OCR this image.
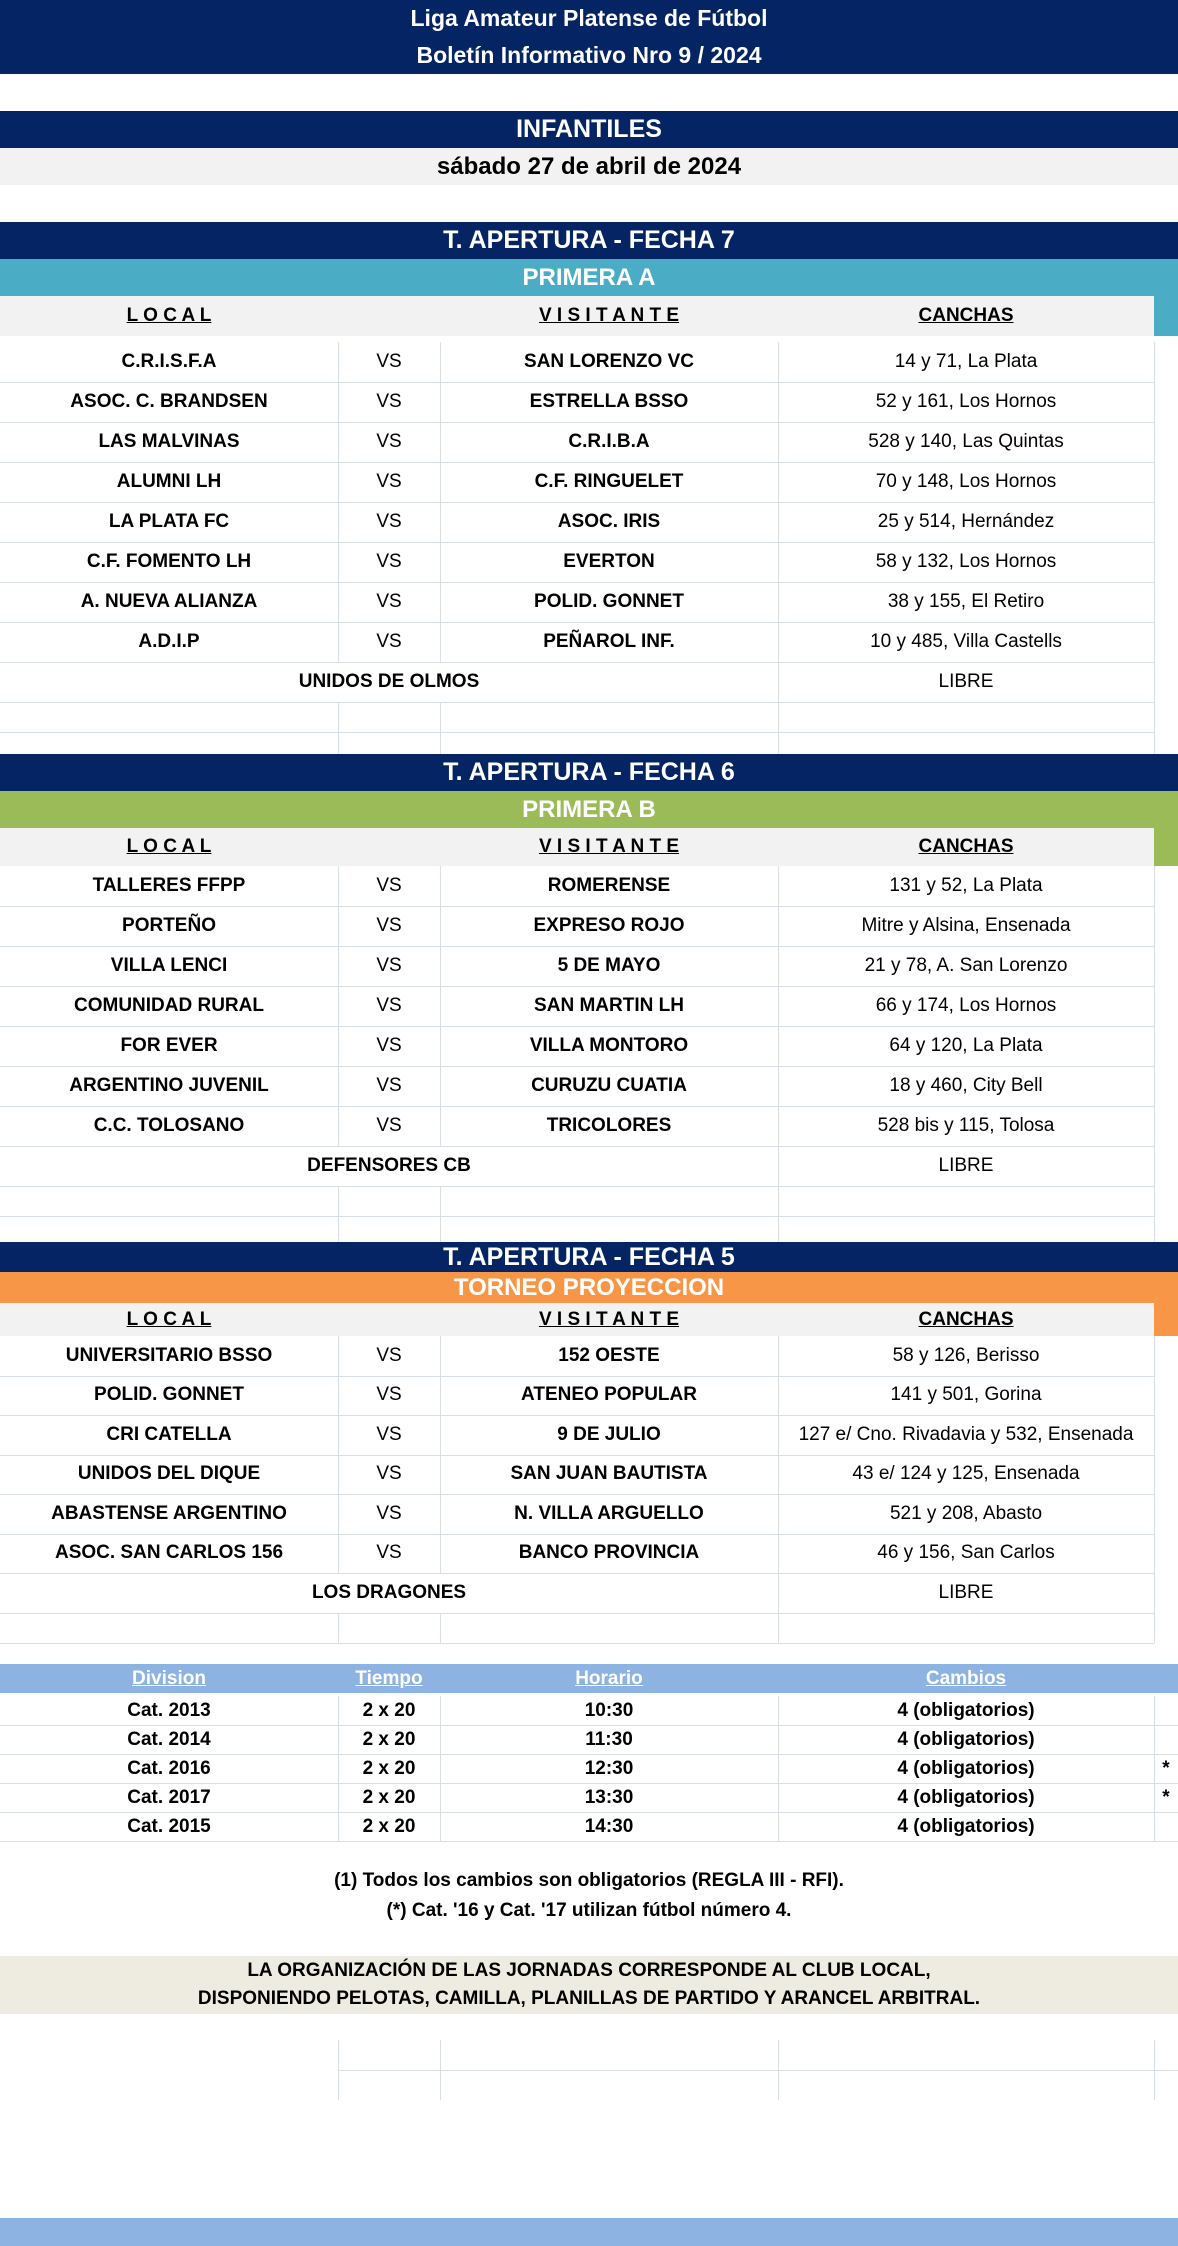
Liga Amateur Platense de Fútbol
Boletín Informativo Nro 9 / 2024
INFANTILES
sábado 27 de abril de 2024
T. APERTURA - FECHA 7
PRIMERA A
L O C A L	V I S I T A N T E	CANCHAS
C.R.I.S.F.A	VS	SAN LORENZO VC	14 y 71, La Plata
ASOC. C. BRANDSEN	VS	ESTRELLA BSSO	52 y 161, Los Hornos
LAS MALVINAS	VS	C.R.I.B.A	528 y 140, Las Quintas
ALUMNI LH	VS	C.F. RINGUELET	70 y 148, Los Hornos
LA PLATA FC	VS	ASOC. IRIS	25 y 514, Hernández
C.F. FOMENTO LH	VS	EVERTON	58 y 132, Los Hornos
A. NUEVA ALIANZA	VS	POLID. GONNET	38 y 155, El Retiro
A.D.I.P	VS	PEÑAROL INF.	10 y 485, Villa Castells
UNIDOS DE OLMOS	LIBRE
T. APERTURA - FECHA 6
PRIMERA B
L O C A L	V I S I T A N T E	CANCHAS
TALLERES FFPP	VS	ROMERENSE	131 y 52, La Plata
PORTEÑO	VS	EXPRESO ROJO	Mitre y Alsina, Ensenada
VILLA LENCI	VS	5 DE MAYO	21 y 78, A. San Lorenzo
COMUNIDAD RURAL	VS	SAN MARTIN LH	66 y 174, Los Hornos
FOR EVER	VS	VILLA MONTORO	64 y 120, La Plata
ARGENTINO JUVENIL	VS	CURUZU CUATIA	18 y 460, City Bell
C.C. TOLOSANO	VS	TRICOLORES	528 bis y 115, Tolosa
DEFENSORES CB	LIBRE
T. APERTURA - FECHA 5
TORNEO PROYECCION
L O C A L	V I S I T A N T E	CANCHAS
UNIVERSITARIO BSSO	VS	152 OESTE	58 y 126, Berisso
POLID. GONNET	VS	ATENEO POPULAR	141 y 501, Gorina
CRI CATELLA	VS	9 DE JULIO	127 e/ Cno. Rivadavia y 532, Ensenada
UNIDOS DEL DIQUE	VS	SAN JUAN BAUTISTA	43 e/ 124 y 125, Ensenada
ABASTENSE ARGENTINO	VS	N. VILLA ARGUELLO	521 y 208, Abasto
ASOC. SAN CARLOS 156	VS	BANCO PROVINCIA	46 y 156, San Carlos
LOS DRAGONES	LIBRE
Division	Tiempo	Horario	Cambios
Cat. 2013	2 x 20	10:30	4 (obligatorios)
Cat. 2014	2 x 20	11:30	4 (obligatorios)
Cat. 2016	2 x 20	12:30	4 (obligatorios)	*
Cat. 2017	2 x 20	13:30	4 (obligatorios)	*
Cat. 2015	2 x 20	14:30	4 (obligatorios)
(1) Todos los cambios son obligatorios (REGLA III - RFI).
(*) Cat. '16 y Cat. '17 utilizan fútbol número 4.
LA ORGANIZACIÓN DE LAS JORNADAS CORRESPONDE AL CLUB LOCAL,
DISPONIENDO PELOTAS, CAMILLA, PLANILLAS DE PARTIDO Y ARANCEL ARBITRAL.
